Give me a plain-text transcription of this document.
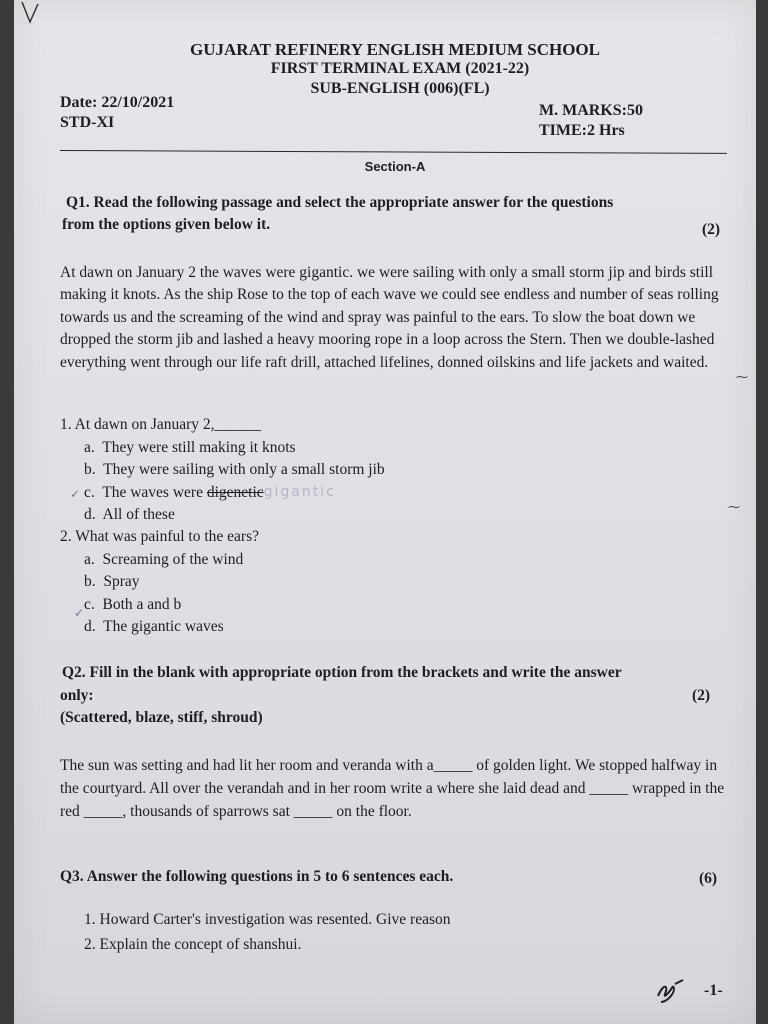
GUJARAT REFINERY ENGLISH MEDIUM SCHOOL
FIRST TERMINAL EXAM (2021-22)
SUB-ENGLISH (006)(FL)
Date: 22/10/2021
STD-XI
M. MARKS:50
TIME:2 Hrs
Section-A
Q1. Read the following passage and select the appropriate answer for the questions
from the options given below it.	(2)
At dawn on January 2 the waves were gigantic. we were sailing with only a small storm jip and birds still making it knots. As the ship Rose to the top of each wave we could see endless and number of seas rolling towards us and the screaming of the wind and spray was painful to the ears. To slow the boat down we dropped the storm jib and lashed a heavy mooring rope in a loop across the Stern. Then we double-lashed everything went through our life raft drill, attached lifelines, donned oilskins and life jackets and waited.
1. At dawn on January 2,______
a. They were still making it knots
b. They were sailing with only a small storm jib
✓ c. The waves were digenetic gigantic
d. All of these
2. What was painful to the ears?
a. Screaming of the wind
b. Spray
✓ c. Both a and b
d. The gigantic waves
Q2. Fill in the blank with appropriate option from the brackets and write the answer
only:	(2)
(Scattered, blaze, stiff, shroud)
The sun was setting and had lit her room and veranda with a_____ of golden light. We stopped halfway in the courtyard. All over the verandah and in her room write a where she laid dead and _____ wrapped in the red _____, thousands of sparrows sat _____ on the floor.
Q3. Answer the following questions in 5 to 6 sentences each.	(6)
1. Howard Carter's investigation was resented. Give reason
2. Explain the concept of shanshui.
-1-
⁓
⁓
